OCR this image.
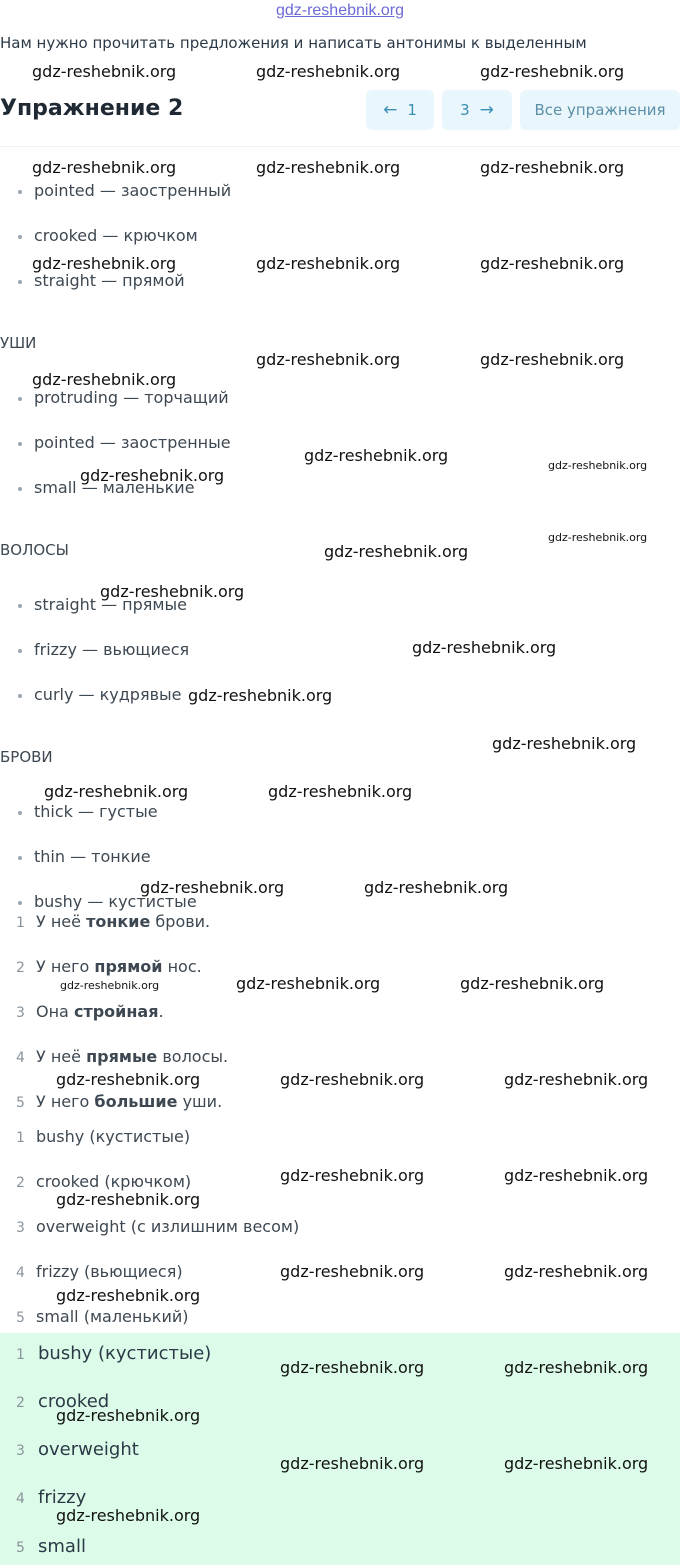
gdz-reshebnik.org
Нам нужно прочитать предложения и написать антонимы к выделенным
Упражнение 2	← 1	3 →	Все упражнения
pointed — заостренный
crooked — крючком
straight — прямой
УШИ
protruding — торчащий
pointed — заостренные
small — маленькие
ВОЛОСЫ
straight — прямые
frizzy — вьющиеся
curly — кудрявые
БРОВИ
thick — густые
thin — тонкие
bushy — кустистые
1 У неё тонкие брови.
2 У него прямой нос.
3 Она стройная.
4 У неё прямые волосы.
5 У него большие уши.
1 bushy (кустистые)
2 crooked (крючком)
3 overweight (с излишним весом)
4 frizzy (вьющиеся)
5 small (маленький)
1 bushy (кустистые)
2 crooked
3 overweight
4 frizzy
5 small
gdz-reshebnik.org	gdz-reshebnik.org	gdz-reshebnik.org
gdz-reshebnik.org	gdz-reshebnik.org	gdz-reshebnik.org
gdz-reshebnik.org	gdz-reshebnik.org	gdz-reshebnik.org
gdz-reshebnik.org	gdz-reshebnik.org
gdz-reshebnik.org
gdz-reshebnik.org
gdz-reshebnik.org
gdz-reshebnik.org
gdz-reshebnik.org
gdz-reshebnik.org
gdz-reshebnik.org
gdz-reshebnik.org
gdz-reshebnik.org
gdz-reshebnik.org
gdz-reshebnik.org	gdz-reshebnik.org
gdz-reshebnik.org	gdz-reshebnik.org
gdz-reshebnik.org	gdz-reshebnik.org
gdz-reshebnik.org
gdz-reshebnik.org	gdz-reshebnik.org	gdz-reshebnik.org
gdz-reshebnik.org	gdz-reshebnik.org
gdz-reshebnik.org
gdz-reshebnik.org	gdz-reshebnik.org
gdz-reshebnik.org
gdz-reshebnik.org	gdz-reshebnik.org
gdz-reshebnik.org
gdz-reshebnik.org	gdz-reshebnik.org
gdz-reshebnik.org
